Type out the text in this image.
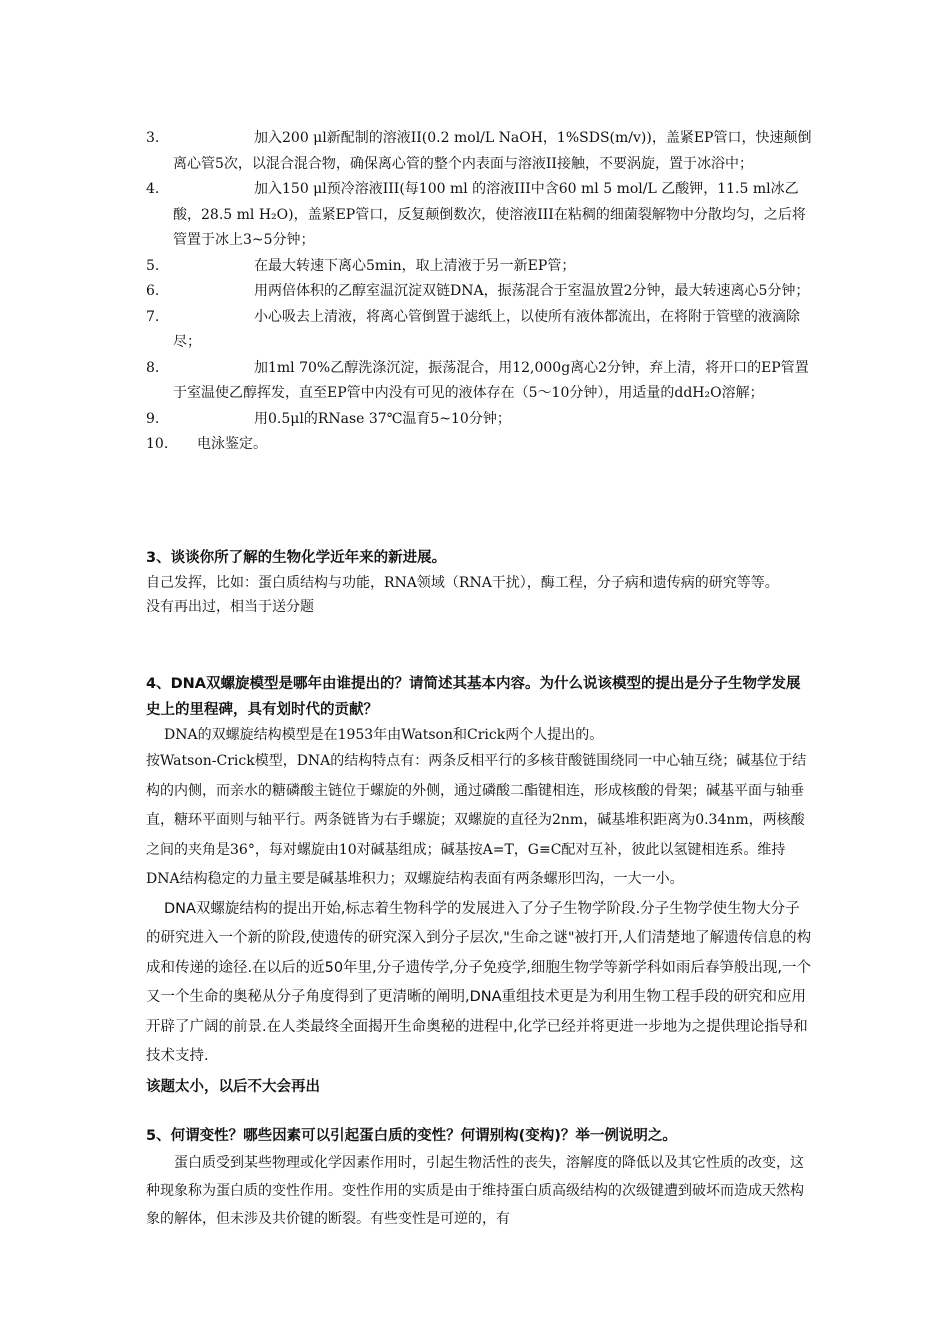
3.	加入200 μl新配制的溶液II(0.2 mol/L NaOH，1%SDS(m/v))，盖紧EP管口，快速颠倒离心管5次，以混合混合物，确保离心管的整个内表面与溶液II接触，不要涡旋，置于冰浴中；
4.	加入150 μl预冷溶液III(每100 ml 的溶液III中含60 ml 5 mol/L 乙酸钾，11.5 ml冰乙酸，28.5 ml H₂O)，盖紧EP管口，反复颠倒数次，使溶液III在粘稠的细菌裂解物中分散均匀，之后将管置于冰上3~5分钟；
5.	在最大转速下离心5min，取上清液于另一新EP管；
6.	用两倍体积的乙醇室温沉淀双链DNA，振荡混合于室温放置2分钟，最大转速离心5分钟；
7.	小心吸去上清液，将离心管倒置于滤纸上，以使所有液体都流出，在将附于管壁的液滴除尽；
8.	加1ml 70%乙醇洗涤沉淀，振荡混合，用12,000g离心2分钟，弃上清，将开口的EP管置于室温使乙醇挥发，直至EP管中内没有可见的液体存在（5～10分钟），用适量的ddH₂O溶解；
9.	用0.5μl的RNase 37℃温育5~10分钟；
10.	电泳鉴定。
3、谈谈你所了解的生物化学近年来的新进展。
自己发挥，比如：蛋白质结构与功能，RNA领域（RNA干扰），酶工程，分子病和遗传病的研究等等。
没有再出过，相当于送分题
4、DNA双螺旋模型是哪年由谁提出的？请简述其基本内容。为什么说该模型的提出是分子生物学发展史上的里程碑，具有划时代的贡献？
DNA的双螺旋结构模型是在1953年由Watson和Crick两个人提出的。
按Watson-Crick模型，DNA的结构特点有：两条反相平行的多核苷酸链围绕同一中心轴互绕；碱基位于结构的内侧，而亲水的糖磷酸主链位于螺旋的外侧，通过磷酸二酯键相连，形成核酸的骨架；碱基平面与轴垂直，糖环平面则与轴平行。两条链皆为右手螺旋；双螺旋的直径为2nm，碱基堆积距离为0.34nm，两核酸之间的夹角是36°，每对螺旋由10对碱基组成；碱基按A=T，G≡C配对互补，彼此以氢键相连系。维持DNA结构稳定的力量主要是碱基堆积力；双螺旋结构表面有两条螺形凹沟，一大一小。
DNA双螺旋结构的提出开始,标志着生物科学的发展进入了分子生物学阶段.分子生物学使生物大分子的研究进入一个新的阶段,使遗传的研究深入到分子层次,"生命之谜"被打开,人们清楚地了解遗传信息的构成和传递的途径.在以后的近50年里,分子遗传学,分子免疫学,细胞生物学等新学科如雨后春笋般出现,一个又一个生命的奥秘从分子角度得到了更清晰的阐明,DNA重组技术更是为利用生物工程手段的研究和应用开辟了广阔的前景.在人类最终全面揭开生命奥秘的进程中,化学已经并将更进一步地为之提供理论指导和技术支持.
该题太小，以后不大会再出
5、何谓变性？哪些因素可以引起蛋白质的变性？何谓别构(变构)？举一例说明之。
蛋白质受到某些物理或化学因素作用时，引起生物活性的丧失，溶解度的降低以及其它性质的改变，这种现象称为蛋白质的变性作用。变性作用的实质是由于维持蛋白质高级结构的次级键遭到破坏而造成天然构象的解体，但未涉及共价键的断裂。有些变性是可逆的，有
